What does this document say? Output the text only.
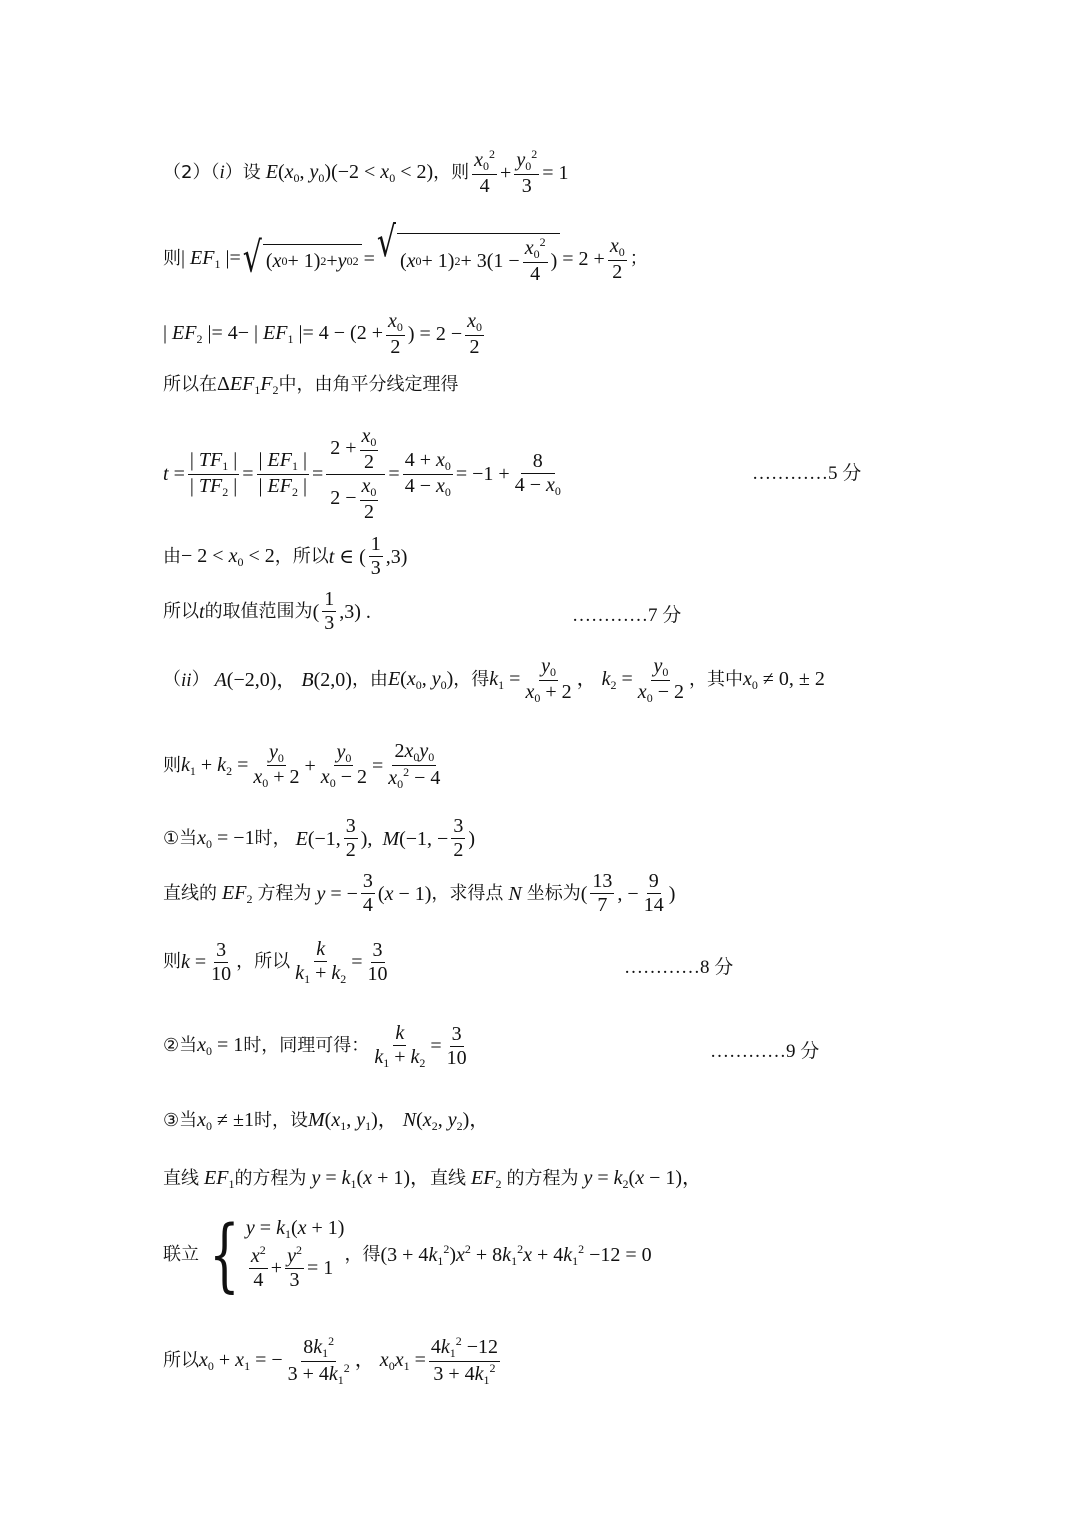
（2）（ i ） 设 $E(x_0$, $y_0)(-2 < x_0 < 2)$ ，则 $\frac{x_0^2}{4} + \frac{y_0^2}{3} = 1$
则 | $EF_1$ |= √ ( x 0 + 1) 2 + y 0 2 = √ ( x 0 + 1) $2 + 3(1 - \frac{x_0^2}{4}$ ) = $2 + \frac{x_0}{2}$ ；
| $EF_2$ |= 4− | $EF_1$ |= $4 - (2 + \frac{x_0}{2}$ ) = $2 - \frac{x_0}{2}$
所以在 $\Delta EF_1F_2$ 中，由角平分线定理得
$t = \frac{| TF_1 |}{| TF_2 |} = \frac{| EF_1 |}{| EF_2 |} = \frac{2 + \frac{x_0}{2}}{2 - \frac{x_0}{2}} = \frac{4 + x_0}{4 - x_0} = -1 + \frac{8}{4 - x_0}$	…………5 分
由 − $2 < x_0 < 2$ ，所以 t ∈ ( $\frac{1}{3} ,3$)
所以 t 的取值范围为 ( $\frac{1}{3} ,3$) .	…………7 分
（ ii ） A(−2,0)， B(2,0) ，由 $E(x_0$, $y_0$) ，得 $k_1 = \frac{y_0}{x_0 + 2}$ ， $k_2 = \frac{y_0}{x_0 - 2}$ ，其中 $x_0 \ne 0$, ± 2
则 $k_1 + k_2 = \frac{y_0}{x_0 + 2} + \frac{y_0}{x_0 - 2} = \frac{2x_0y_0}{x_0^2 - 4}$
①当 $x_0 = -1$ 时， E(−1, $\frac{3}{2}$ ),  M(−1, − $\frac{3}{2}$ )
直线的 $EF_2$ 方程为 y = − $\frac{3}{4} (x - 1)$ ，求得点 N 坐标为 ( $\frac{13}{7}$ , − $\frac{9}{14}$ )
则 $k = \frac{3}{10}$ ，所以 $\frac{k}{k_1 + k_2} = \frac{3}{10}$	…………8 分
②当 $x_0 = 1$ 时，同理可得： $\frac{k}{k_1 + k_2} = \frac{3}{10}$	…………9 分
③当 $x_0 \ne \pm 1$ 时，设 $M(x_1$, $y_1$)， $N(x_2$, $y_2$)，
直线 $EF_1$ 的方程为 $y = k_1(x + 1)$， 直线 $EF_2$ 的方程为 $y = k_2(x - 1)$，
联立 { $y = k_1(x + 1)$
$\frac{x^2}{4} + \frac{y^2}{3} = 1$
，得 $(3 + 4k_1^2)x^2 + 8k_1^2x + 4k_1^2 -12 = 0$
所以 $x_0 + x_1$ = − $\frac{8k_1^2}{3 + 4k_1^2}$ ， $x_0x_1 = \frac{4k_1^2 -12}{3 + 4k_1^2}$
